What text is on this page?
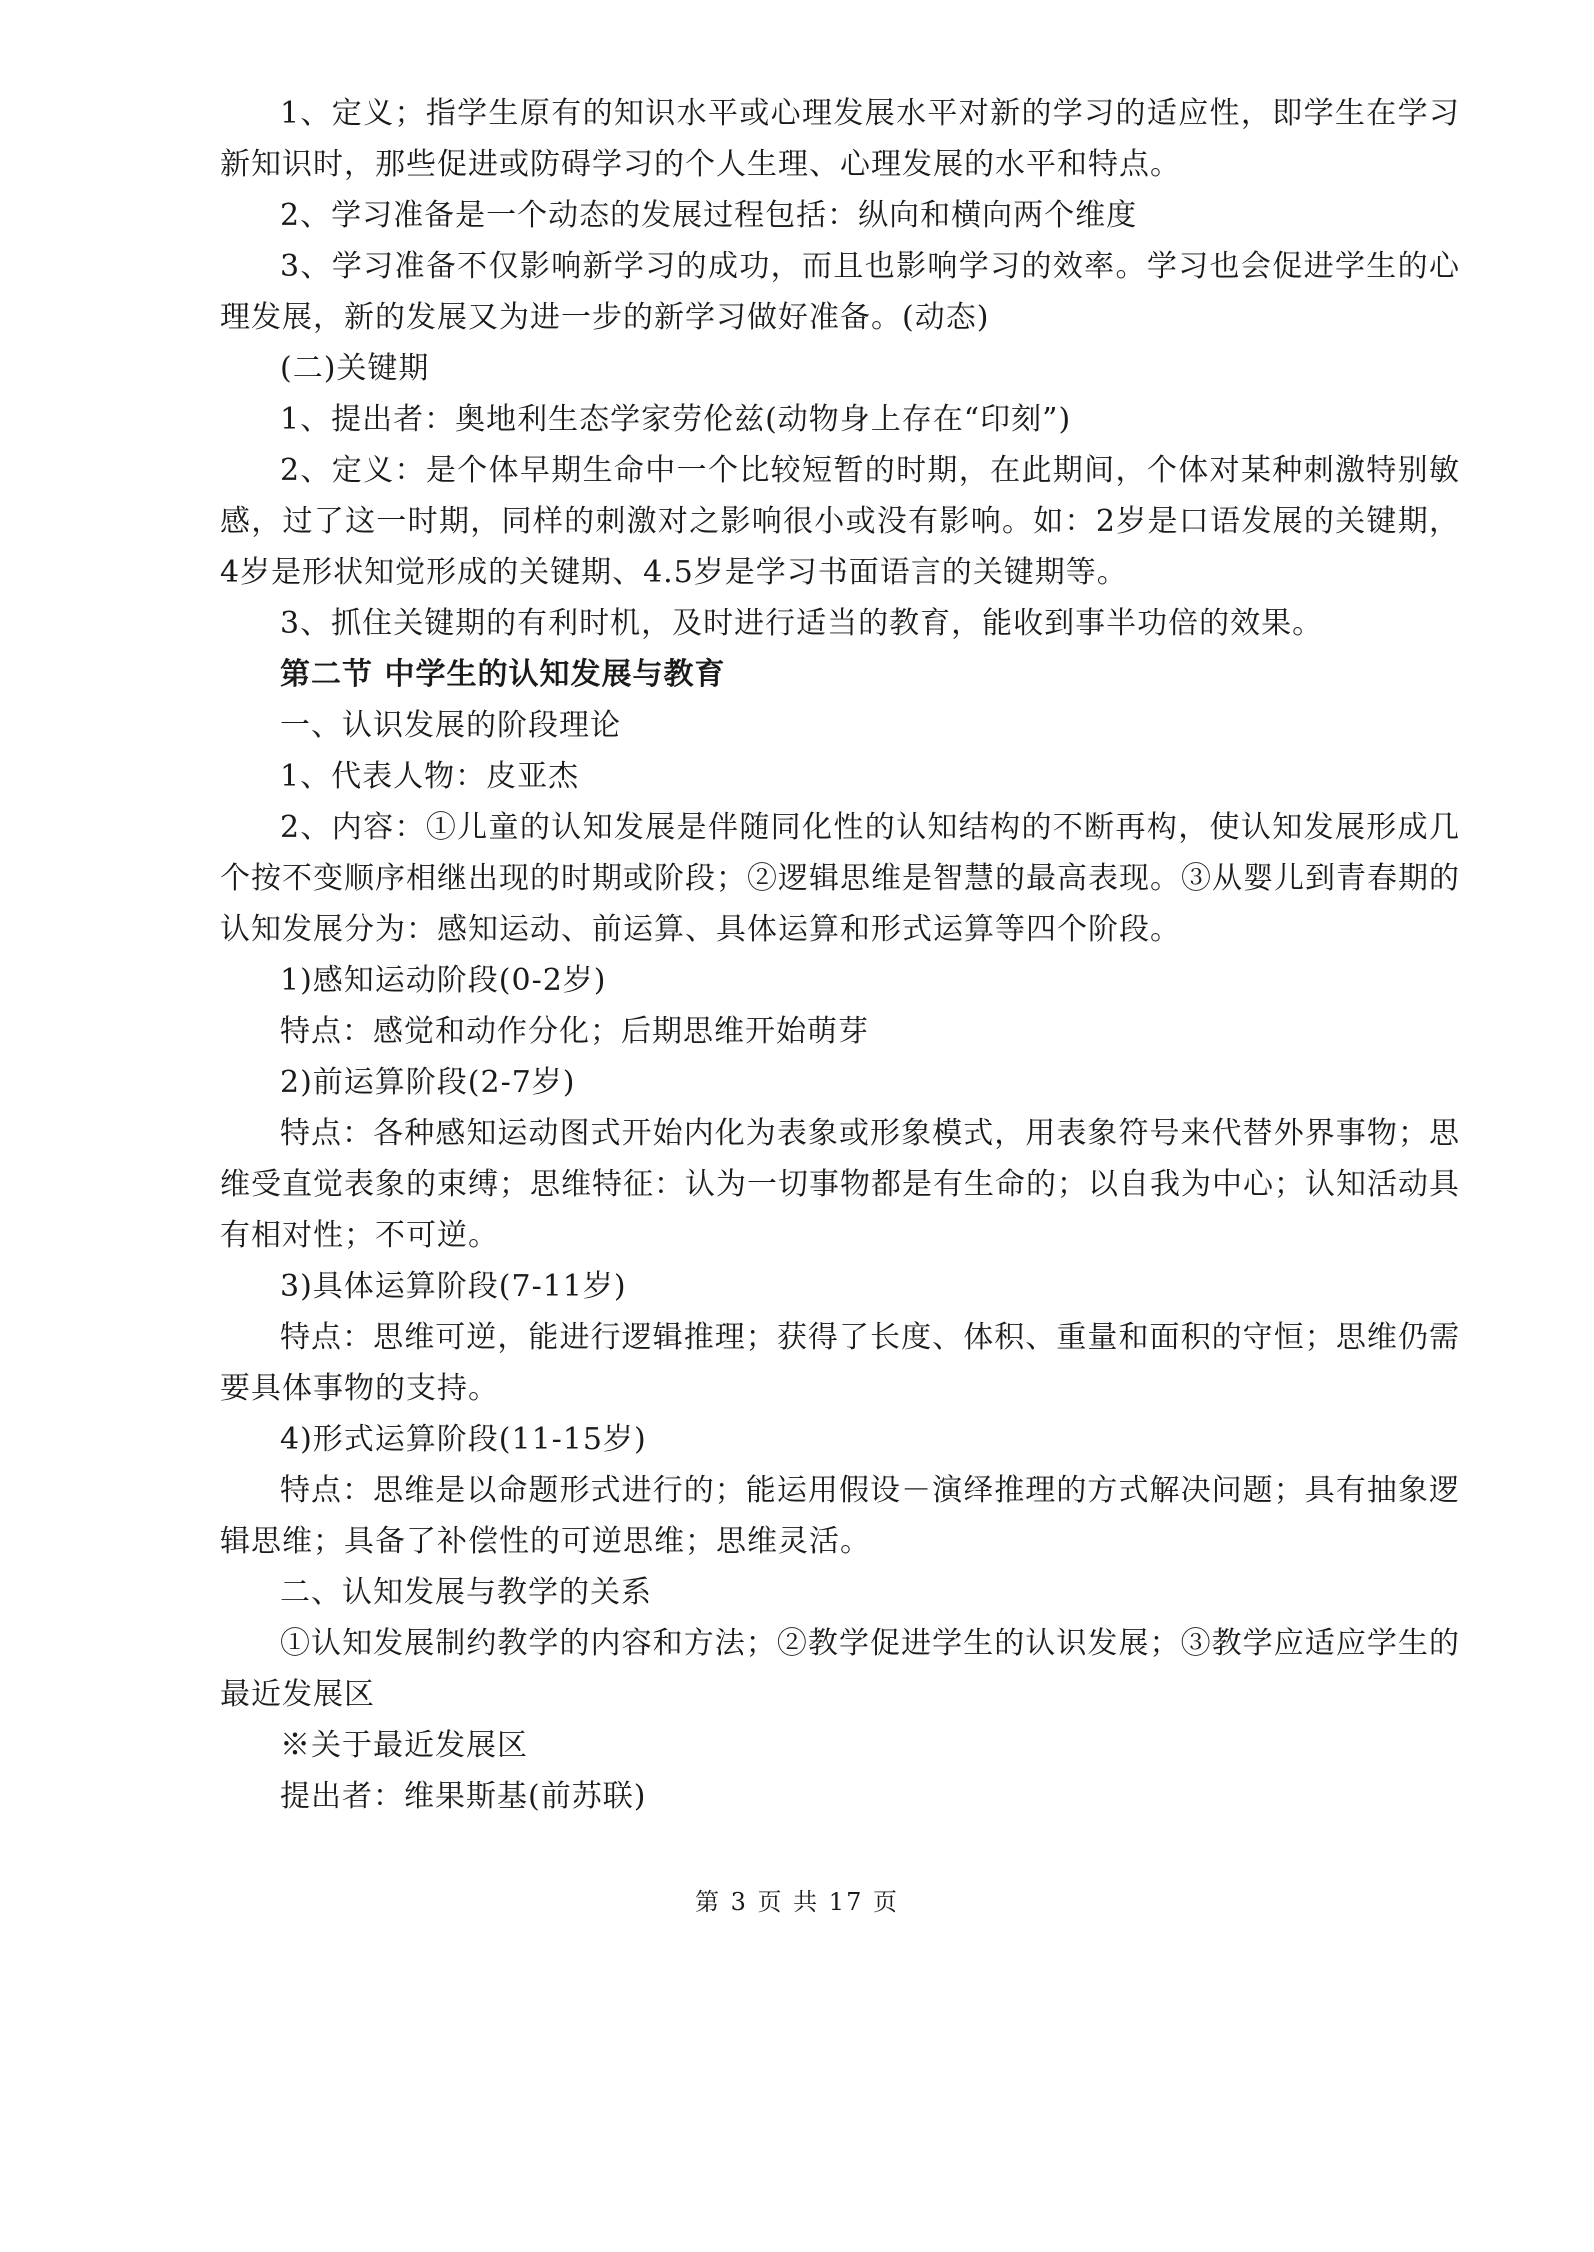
1、定义；指学生原有的知识水平或心理发展水平对新的学习的适应性，即学生在学习新知识时，那些促进或防碍学习的个人生理、心理发展的水平和特点。

2、学习准备是一个动态的发展过程包括：纵向和横向两个维度

3、学习准备不仅影响新学习的成功，而且也影响学习的效率。学习也会促进学生的心理发展，新的发展又为进一步的新学习做好准备。(动态)

(二)关键期

1、提出者：奥地利生态学家劳伦兹(动物身上存在“印刻”)

2、定义：是个体早期生命中一个比较短暂的时期，在此期间，个体对某种刺激特别敏感，过了这一时期，同样的刺激对之影响很小或没有影响。如：2岁是口语发展的关键期，4岁是形状知觉形成的关键期、4.5岁是学习书面语言的关键期等。

3、抓住关键期的有利时机，及时进行适当的教育，能收到事半功倍的效果。

第二节 中学生的认知发展与教育

一、认识发展的阶段理论

1、代表人物：皮亚杰

2、内容：①儿童的认知发展是伴随同化性的认知结构的不断再构，使认知发展形成几个按不变顺序相继出现的时期或阶段；②逻辑思维是智慧的最高表现。③从婴儿到青春期的认知发展分为：感知运动、前运算、具体运算和形式运算等四个阶段。

1)感知运动阶段(0-2岁)

特点：感觉和动作分化；后期思维开始萌芽

2)前运算阶段(2-7岁)

特点：各种感知运动图式开始内化为表象或形象模式，用表象符号来代替外界事物；思维受直觉表象的束缚；思维特征：认为一切事物都是有生命的；以自我为中心；认知活动具有相对性；不可逆。

3)具体运算阶段(7-11岁)

特点：思维可逆，能进行逻辑推理；获得了长度、体积、重量和面积的守恒；思维仍需要具体事物的支持。

4)形式运算阶段(11-15岁)

特点：思维是以命题形式进行的；能运用假设－演绎推理的方式解决问题；具有抽象逻辑思维；具备了补偿性的可逆思维；思维灵活。

二、认知发展与教学的关系

①认知发展制约教学的内容和方法；②教学促进学生的认识发展；③教学应适应学生的最近发展区

※关于最近发展区

提出者：维果斯基(前苏联)

第 3 页 共 17 页
